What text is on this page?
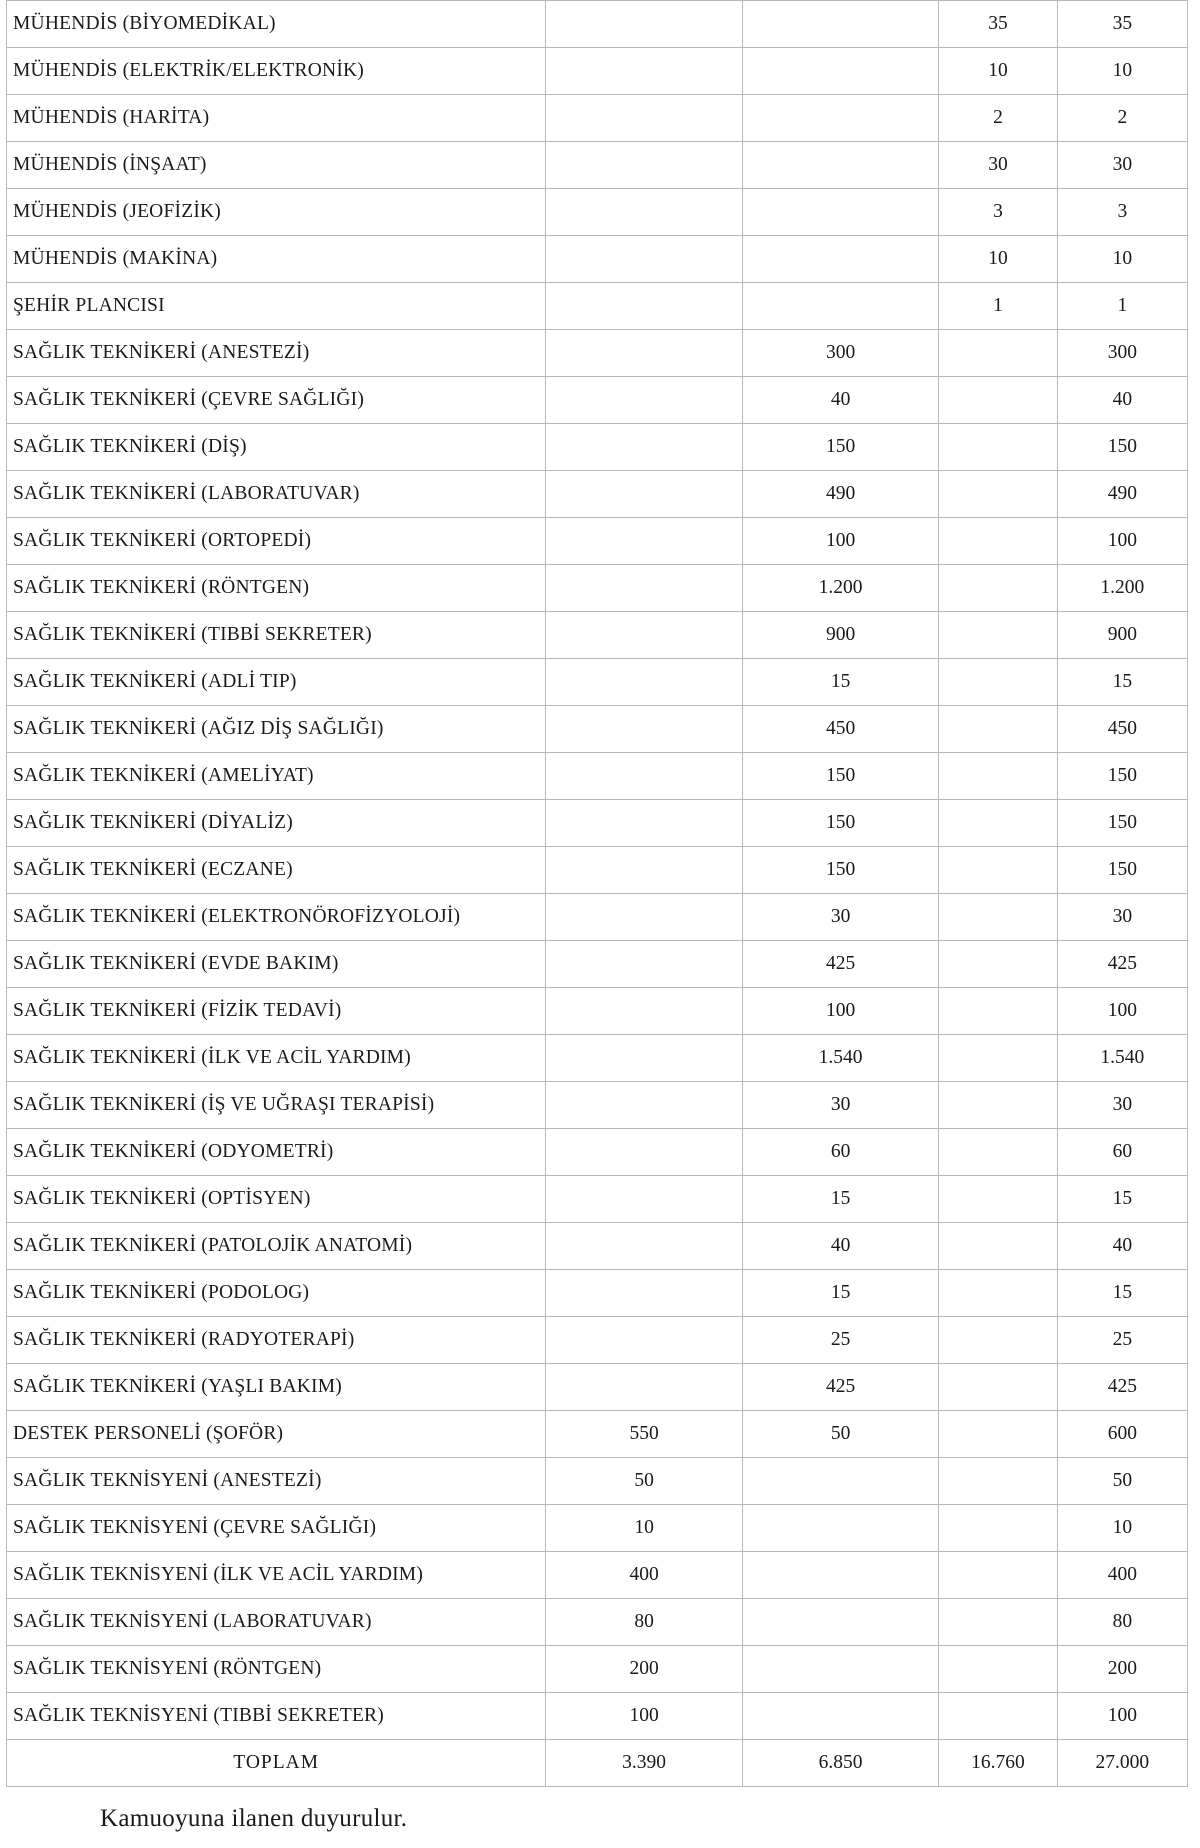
MÜHENDİS (BİYOMEDİKAL)			35	35
MÜHENDİS (ELEKTRİK/ELEKTRONİK)			10	10
MÜHENDİS (HARİTA)			2	2
MÜHENDİS (İNŞAAT)			30	30
MÜHENDİS (JEOFİZİK)			3	3
MÜHENDİS (MAKİNA)			10	10
ŞEHİR PLANCISI			1	1
SAĞLIK TEKNİKERİ (ANESTEZİ)		300		300
SAĞLIK TEKNİKERİ (ÇEVRE SAĞLIĞI)		40		40
SAĞLIK TEKNİKERİ (DİŞ)		150		150
SAĞLIK TEKNİKERİ (LABORATUVAR)		490		490
SAĞLIK TEKNİKERİ (ORTOPEDİ)		100		100
SAĞLIK TEKNİKERİ (RÖNTGEN)		1.200		1.200
SAĞLIK TEKNİKERİ (TIBBİ SEKRETER)		900		900
SAĞLIK TEKNİKERİ (ADLİ TIP)		15		15
SAĞLIK TEKNİKERİ (AĞIZ DİŞ SAĞLIĞI)		450		450
SAĞLIK TEKNİKERİ (AMELİYAT)		150		150
SAĞLIK TEKNİKERİ (DİYALİZ)		150		150
SAĞLIK TEKNİKERİ (ECZANE)		150		150
SAĞLIK TEKNİKERİ (ELEKTRONÖROFİZYOLOJİ)		30		30
SAĞLIK TEKNİKERİ (EVDE BAKIM)		425		425
SAĞLIK TEKNİKERİ (FİZİK TEDAVİ)		100		100
SAĞLIK TEKNİKERİ (İLK VE ACİL YARDIM)		1.540		1.540
SAĞLIK TEKNİKERİ (İŞ VE UĞRAŞI TERAPİSİ)		30		30
SAĞLIK TEKNİKERİ (ODYOMETRİ)		60		60
SAĞLIK TEKNİKERİ (OPTİSYEN)		15		15
SAĞLIK TEKNİKERİ (PATOLOJİK ANATOMİ)		40		40
SAĞLIK TEKNİKERİ (PODOLOG)		15		15
SAĞLIK TEKNİKERİ (RADYOTERAPİ)		25		25
SAĞLIK TEKNİKERİ (YAŞLI BAKIM)		425		425
DESTEK PERSONELİ (ŞOFÖR)	550	50		600
SAĞLIK TEKNİSYENİ (ANESTEZİ)	50			50
SAĞLIK TEKNİSYENİ (ÇEVRE SAĞLIĞI)	10			10
SAĞLIK TEKNİSYENİ (İLK VE ACİL YARDIM)	400			400
SAĞLIK TEKNİSYENİ (LABORATUVAR)	80			80
SAĞLIK TEKNİSYENİ (RÖNTGEN)	200			200
SAĞLIK TEKNİSYENİ (TIBBİ SEKRETER)	100			100
TOPLAM	3.390	6.850	16.760	27.000
Kamuoyuna ilanen duyurulur.
